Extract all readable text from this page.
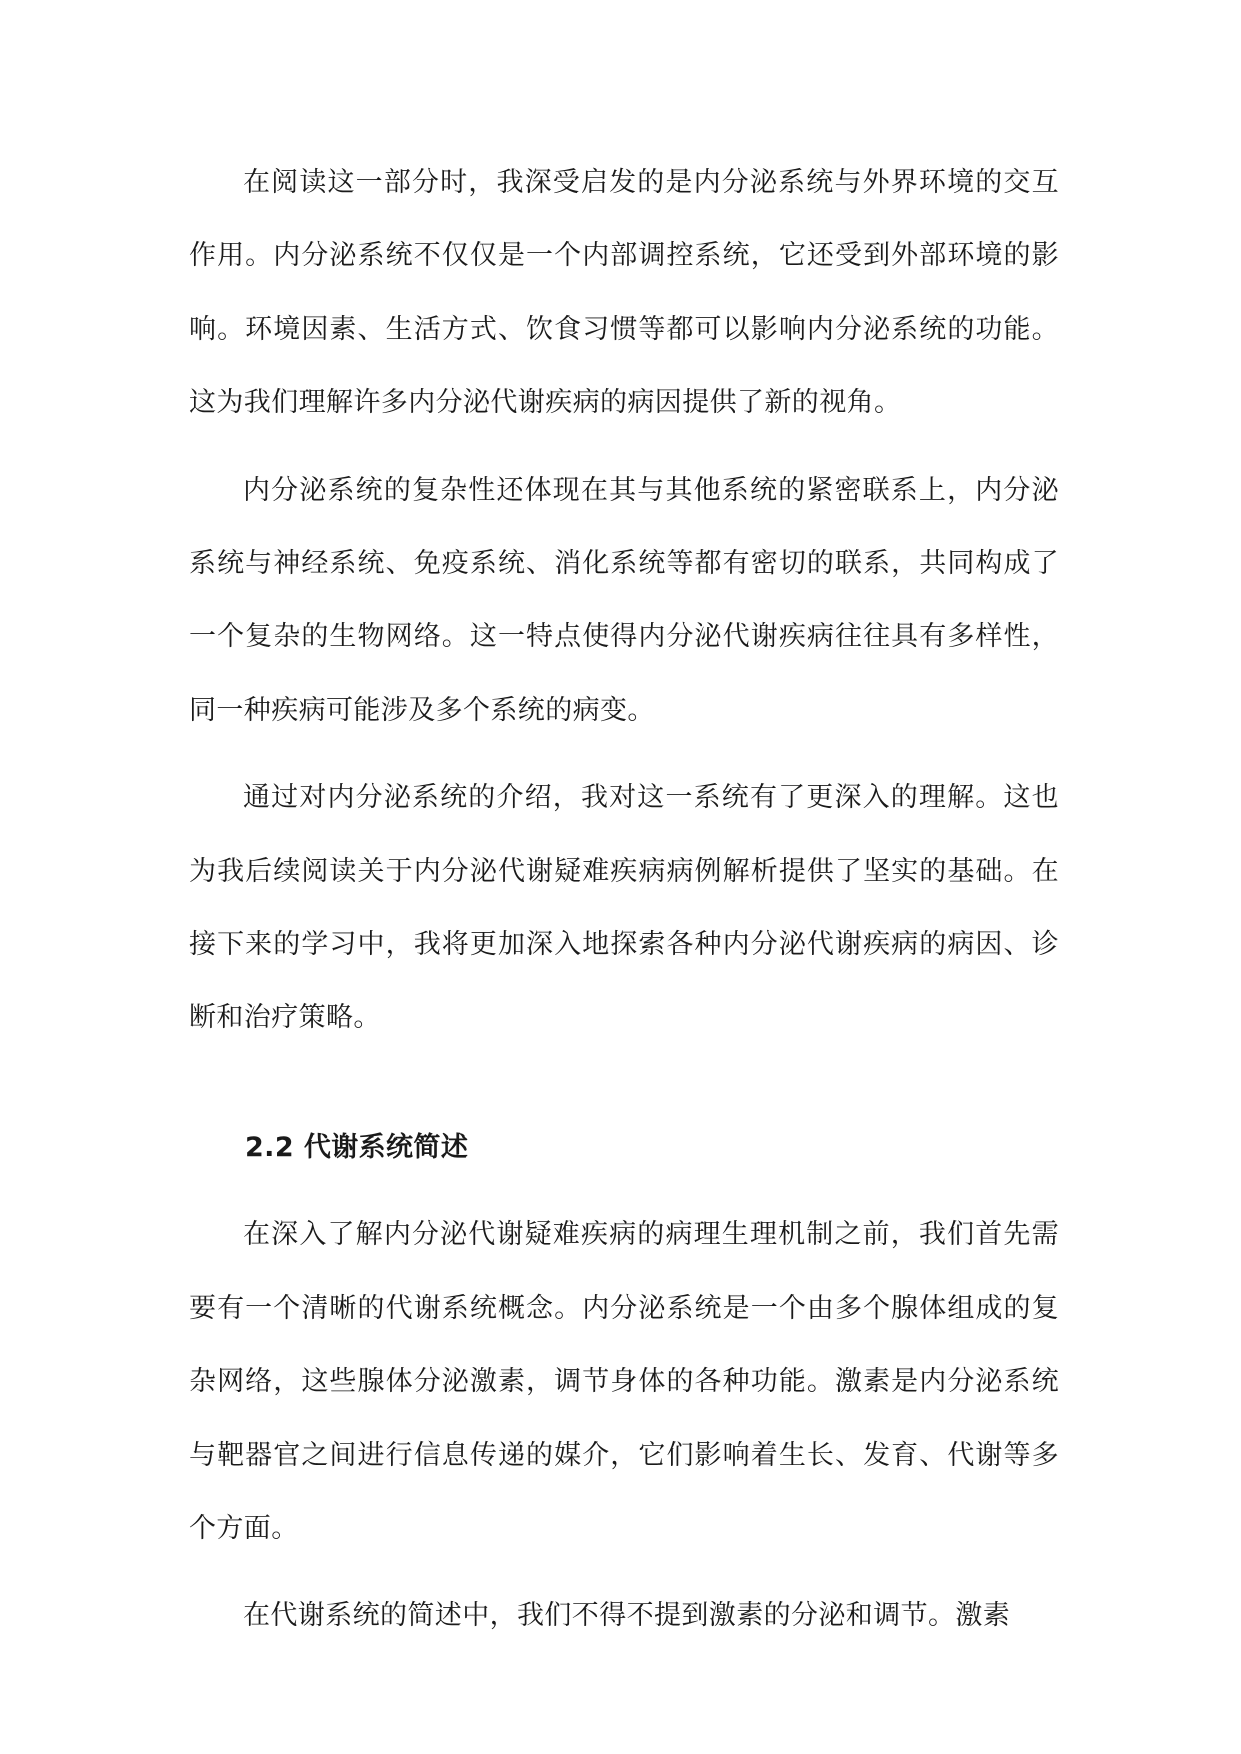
在阅读这一部分时，我深受启发的是内分泌系统与外界环境的交互作用。内分泌系统不仅仅是一个内部调控系统，它还受到外部环境的影响。环境因素、生活方式、饮食习惯等都可以影响内分泌系统的功能。这为我们理解许多内分泌代谢疾病的病因提供了新的视角。

内分泌系统的复杂性还体现在其与其他系统的紧密联系上，内分泌系统与神经系统、免疫系统、消化系统等都有密切的联系，共同构成了一个复杂的生物网络。这一特点使得内分泌代谢疾病往往具有多样性，同一种疾病可能涉及多个系统的病变。

通过对内分泌系统的介绍，我对这一系统有了更深入的理解。这也为我后续阅读关于内分泌代谢疑难疾病病例解析提供了坚实的基础。在接下来的学习中，我将更加深入地探索各种内分泌代谢疾病的病因、诊断和治疗策略。

2.2 代谢系统简述

在深入了解内分泌代谢疑难疾病的病理生理机制之前，我们首先需要有一个清晰的代谢系统概念。内分泌系统是一个由多个腺体组成的复杂网络，这些腺体分泌激素，调节身体的各种功能。激素是内分泌系统与靶器官之间进行信息传递的媒介，它们影响着生长、发育、代谢等多个方面。

在代谢系统的简述中，我们不得不提到激素的分泌和调节。激素
